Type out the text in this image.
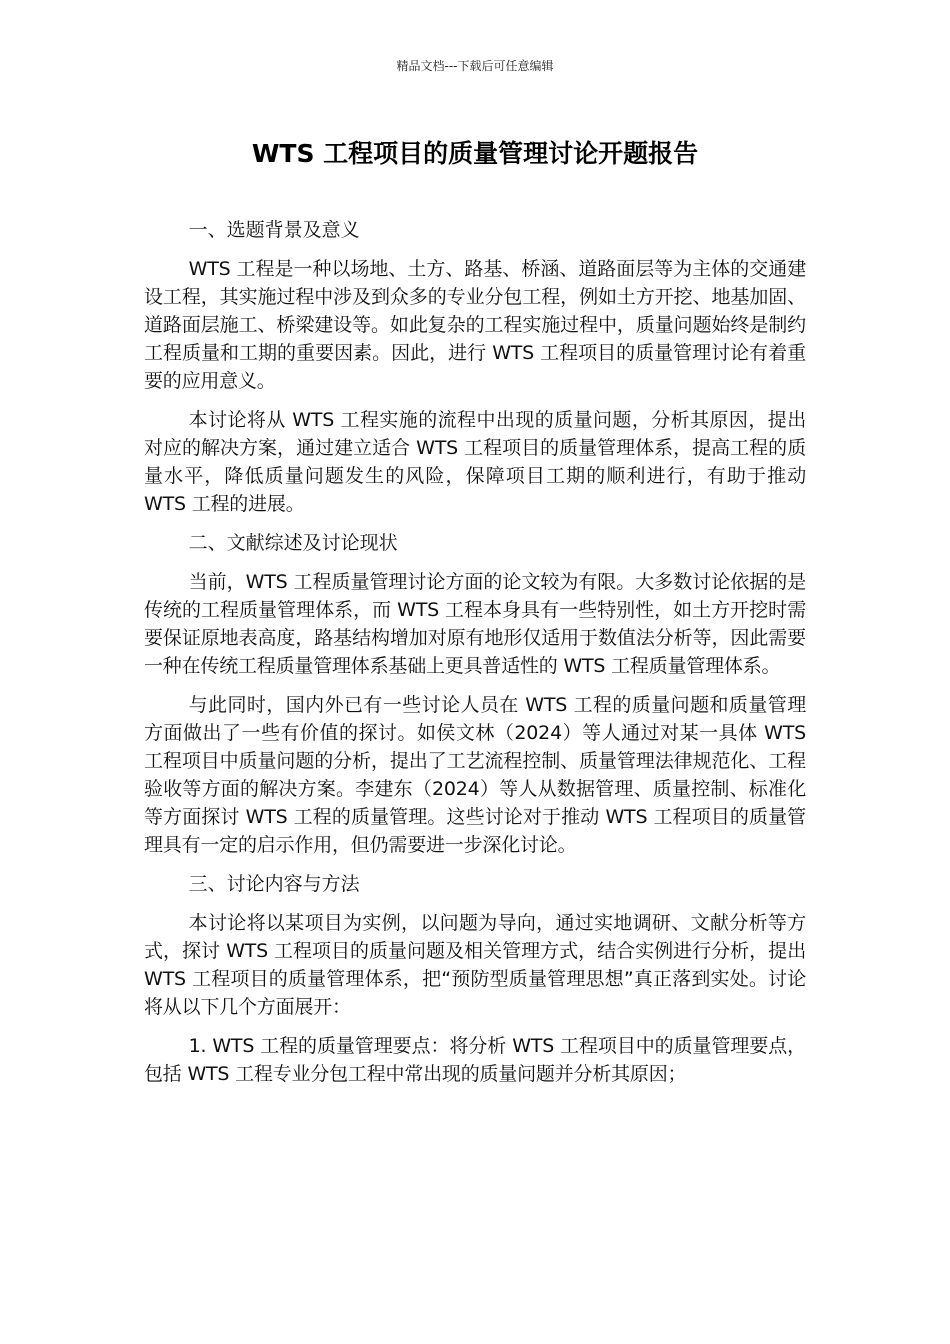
精品文档---下载后可任意编辑
WTS 工程项目的质量管理讨论开题报告

一、选题背景及意义

WTS 工程是一种以场地、土方、路基、桥涵、道路面层等为主体的交通建设工程，其实施过程中涉及到众多的专业分包工程，例如土方开挖、地基加固、道路面层施工、桥梁建设等。如此复杂的工程实施过程中，质量问题始终是制约工程质量和工期的重要因素。因此，进行 WTS 工程项目的质量管理讨论有着重要的应用意义。

本讨论将从 WTS 工程实施的流程中出现的质量问题，分析其原因，提出对应的解决方案，通过建立适合 WTS 工程项目的质量管理体系，提高工程的质量水平，降低质量问题发生的风险，保障项目工期的顺利进行，有助于推动 WTS 工程的进展。

二、文献综述及讨论现状

当前，WTS 工程质量管理讨论方面的论文较为有限。大多数讨论依据的是传统的工程质量管理体系，而 WTS 工程本身具有一些特别性，如土方开挖时需要保证原地表高度，路基结构增加对原有地形仅适用于数值法分析等，因此需要一种在传统工程质量管理体系基础上更具普适性的 WTS 工程质量管理体系。

与此同时，国内外已有一些讨论人员在 WTS 工程的质量问题和质量管理方面做出了一些有价值的探讨。如侯文林（2024）等人通过对某一具体 WTS 工程项目中质量问题的分析，提出了工艺流程控制、质量管理法律规范化、工程验收等方面的解决方案。李建东（2024）等人从数据管理、质量控制、标准化等方面探讨 WTS 工程的质量管理。这些讨论对于推动 WTS 工程项目的质量管理具有一定的启示作用，但仍需要进一步深化讨论。

三、讨论内容与方法

本讨论将以某项目为实例，以问题为导向，通过实地调研、文献分析等方式，探讨 WTS 工程项目的质量问题及相关管理方式，结合实例进行分析，提出 WTS 工程项目的质量管理体系，把“预防型质量管理思想”真正落到实处。讨论将从以下几个方面展开：

1. WTS 工程的质量管理要点：将分析 WTS 工程项目中的质量管理要点，包括 WTS 工程专业分包工程中常出现的质量问题并分析其原因；
